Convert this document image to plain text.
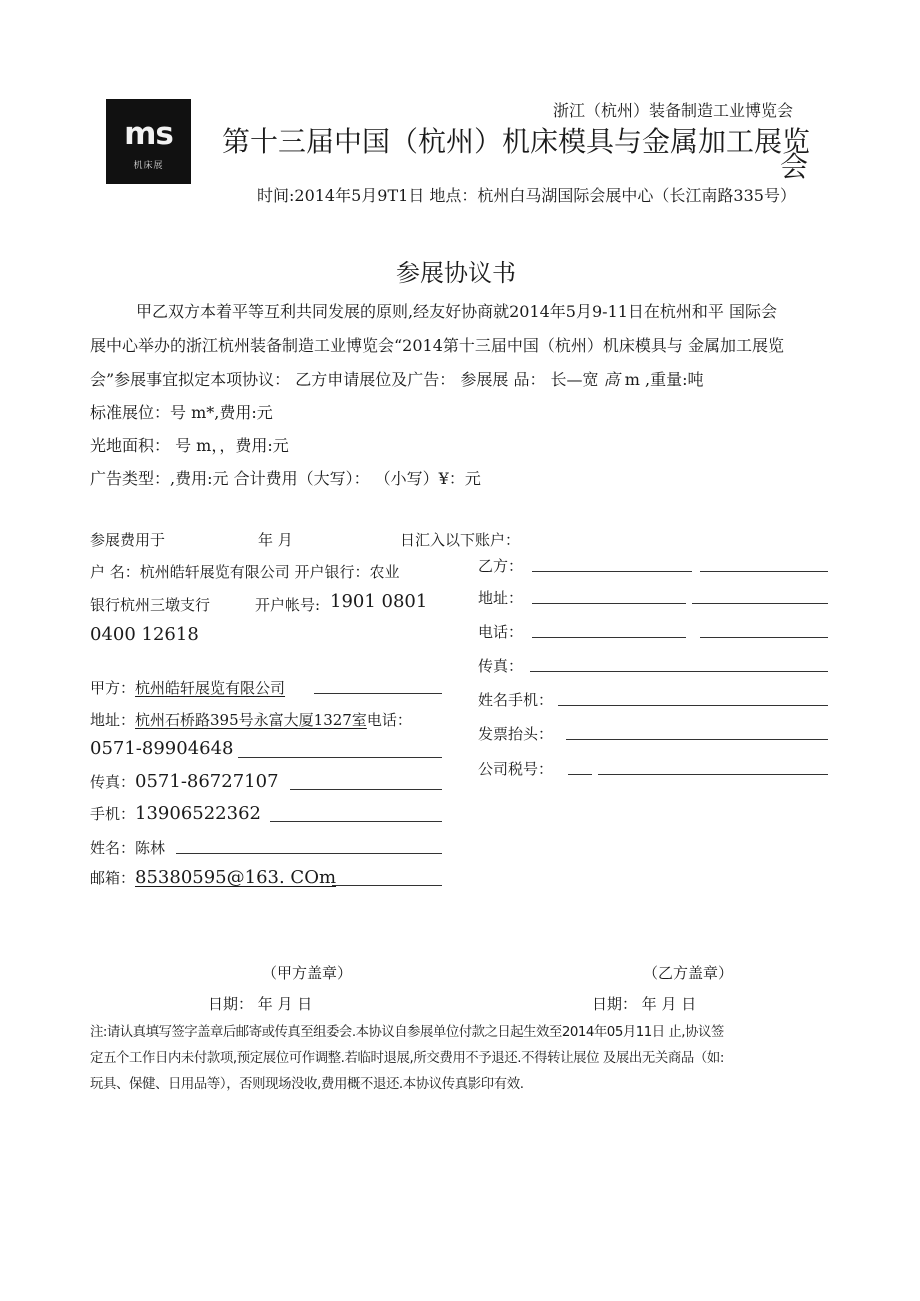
ms
机床展
浙江（杭州）装备制造工业博览会
第十三届中国（杭州）机床模具与金属加工展览
会
时间:2014年5月9T1日 地点：杭州白马湖国际会展中心（长江南路335号）
参展协议书
甲乙双方本着平等互利共同发展的原则,经友好协商就2014年5月9-11日在杭州和平 国际会
展中心举办的浙江杭州装备制造工业博览会“2014第十三届中国（杭州）机床模具与 金属加工展览
会”参展事宜拟定本项协议： 乙方申请展位及广告： 参展展 品： 长—宽 高 m ,重量:吨
标准展位：号 m*,费用:元
光地面积： 号 m，，费用:元
广告类型：,费用:元 合计费用（大写）： （小写）¥：元
参展费用于	年 月	日汇入以下账户：
户 名：杭州皓轩展览有限公司 开户银行：农业
银行杭州三墩支行	开户帐号: 1901 0801
0400 12618
甲方：杭州皓轩展览有限公司
地址：杭州石桥路395号永富大厦1327室电话：
0571-89904648
传真：0571-86727107
手机：13906522362
姓名：陈林
邮箱：85380595@163. COm
乙方：
地址：
电话：
传真：
姓名手机：
发票抬头：
公司税号：
（甲方盖章）	（乙方盖章）
日期： 年 月 日	日期： 年 月 日
注:请认真填写签字盖章后邮寄或传真至组委会.本协议自参展单位付款之日起生效至2014年05月11日 止,协议签
定五个工作日内未付款项,预定展位可作调整.若临时退展,所交费用不予退还.不得转让展位 及展出无关商品（如:
玩具、保健、日用品等），否则现场没收,费用概不退还.本协议传真影印有效.
